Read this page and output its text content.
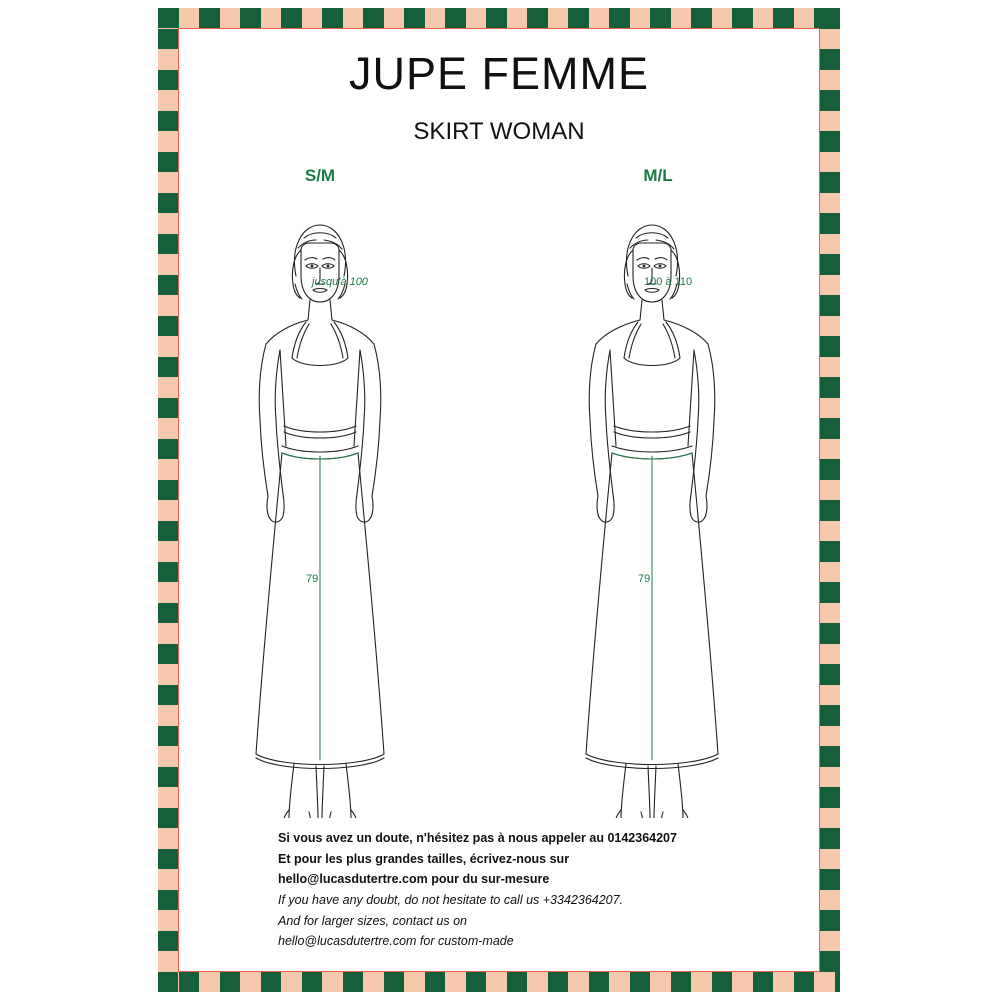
JUPE FEMME
SKIRT WOMAN
S/M	M/L
jusqu'à 100
79
100 à 110
79
Si vous avez un doute, n'hésitez pas à nous appeler au 0142364207
Et pour les plus grandes tailles, écrivez-nous sur
hello@lucasdutertre.com pour du sur-mesure
If you have any doubt, do not hesitate to call us +3342364207.
And for larger sizes, contact us on
hello@lucasdutertre.com for custom-made
